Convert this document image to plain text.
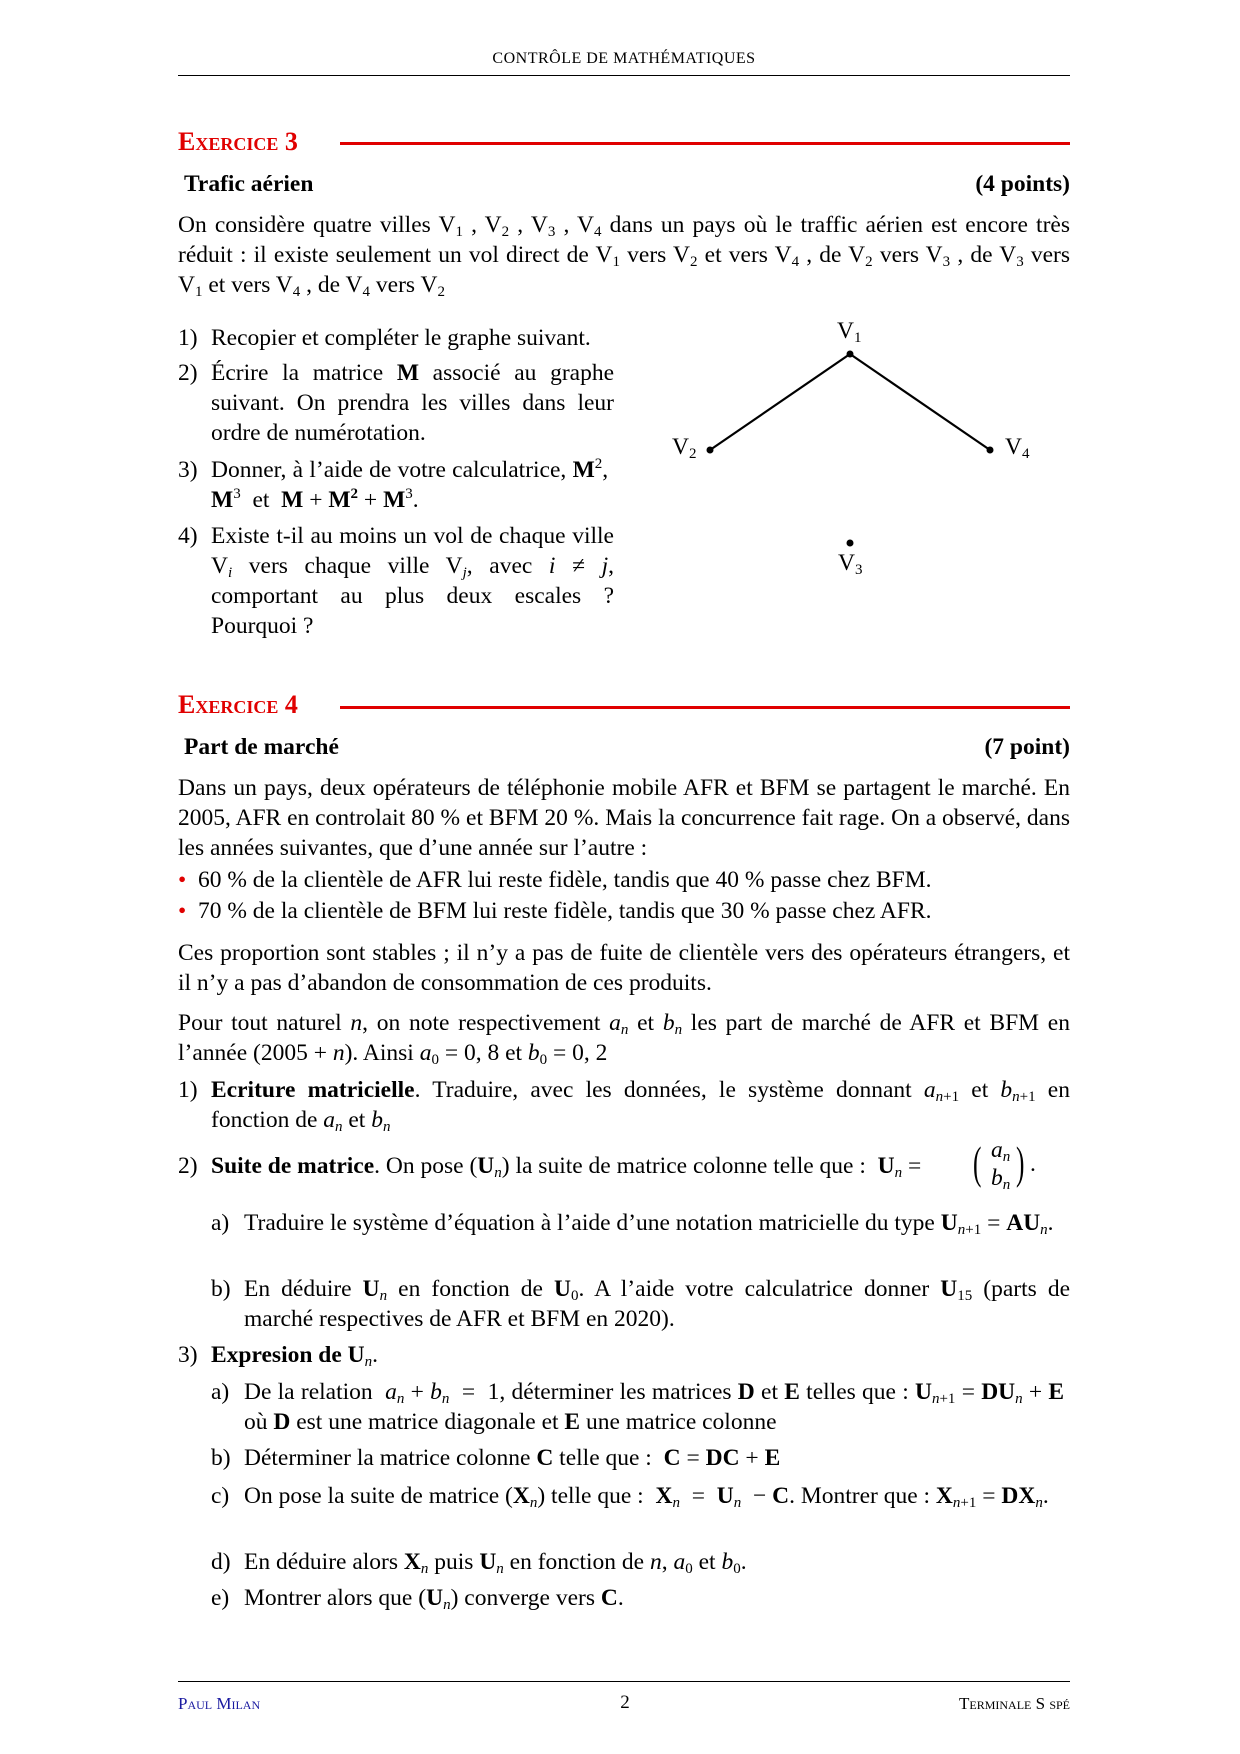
CONTRÔLE DE MATHÉMATIQUES
Exercice 3
Trafic aérien	(4 points)
On considère quatre villes $V_1$ , $V_2$ , $V_3$ , $V_4$ dans un pays où le traffic aérien est encore très réduit : il existe seulement un vol direct de $V_1$ vers $V_2$ et vers $V_4$ , de $V_2$ vers $V_3$ , de $V_3$ vers $V_1$ et vers $V_4$ , de $V_4$ vers $V_2$
1) Recopier et compléter le graphe suivant.
2) Écrire la matrice M associé au graphe suivant. On prendra les villes dans leur ordre de numérotation.
3) Donner, à l’aide de votre calculatrice, $M^2$,  $M^3$  et  $M + M^2 + M^3$.
4) Existe t-il au moins un vol de chaque ville $V_i$ vers chaque ville $V_j$, avec i ≠ j, comportant au plus deux escales ? Pourquoi ?
$V_1$
$V_2$	$V_4$
$V_3$
Exercice 4
Part de marché	(7 point)
Dans un pays, deux opérateurs de téléphonie mobile AFR et BFM se partagent le marché. En 2005, AFR en controlait 80 % et BFM 20 %. Mais la concurrence fait rage. On a observé, dans les années suivantes, que d’une année sur l’autre :
• 60 % de la clientèle de AFR lui reste fidèle, tandis que 40 % passe chez BFM.
• 70 % de la clientèle de BFM lui reste fidèle, tandis que 30 % passe chez AFR.
Ces proportion sont stables ; il n’y a pas de fuite de clientèle vers des opérateurs étrangers, et il n’y a pas d’abandon de consommation de ces produits.
Pour tout naturel n, on note respectivement $a_n$ et $b_n$ les part de marché de AFR et BFM en l’année (2005 + n). Ainsi $a_0 = 0$, 8 et $b_0 = 0$, 2
1) Ecriture matricielle. Traduire, avec les données, le système donnant $a_{n+1}$ et $b_{n+1}$ en fonction de $a_n$ et $b_n$
2) Suite de matrice. On pose $(U_n)$ la suite de matrice colonne telle que :  $U_n$ =	( $a_n$
$b_n$ ) .
a) Traduire le système d’équation à l’aide d’une notation matricielle du type $U_{n+1} = AU_n$.
b) En déduire $U_n$ en fonction de $U_0$. A l’aide votre calculatrice donner $U_{15}$ (parts de marché respectives de AFR et BFM en 2020).
3) Expresion de $U_n$.
a) De la relation  $a_n + b_n = 1$, déterminer les matrices D et E telles que : $U_{n+1} = DU_n + E$  où D est une matrice diagonale et E une matrice colonne
b) Déterminer la matrice colonne C telle que :  C = DC + E
c) On pose la suite de matrice $(X_n)$ telle que :  $X_n = U_n - C$. Montrer que : $X_{n+1} = DX_n$.
d) En déduire alors $X_n$ puis $U_n$ en fonction de n, $a_0$ et $b_0$.
e) Montrer alors que $(U_n)$ converge vers C.
Paul Milan	2	Terminale S spé
